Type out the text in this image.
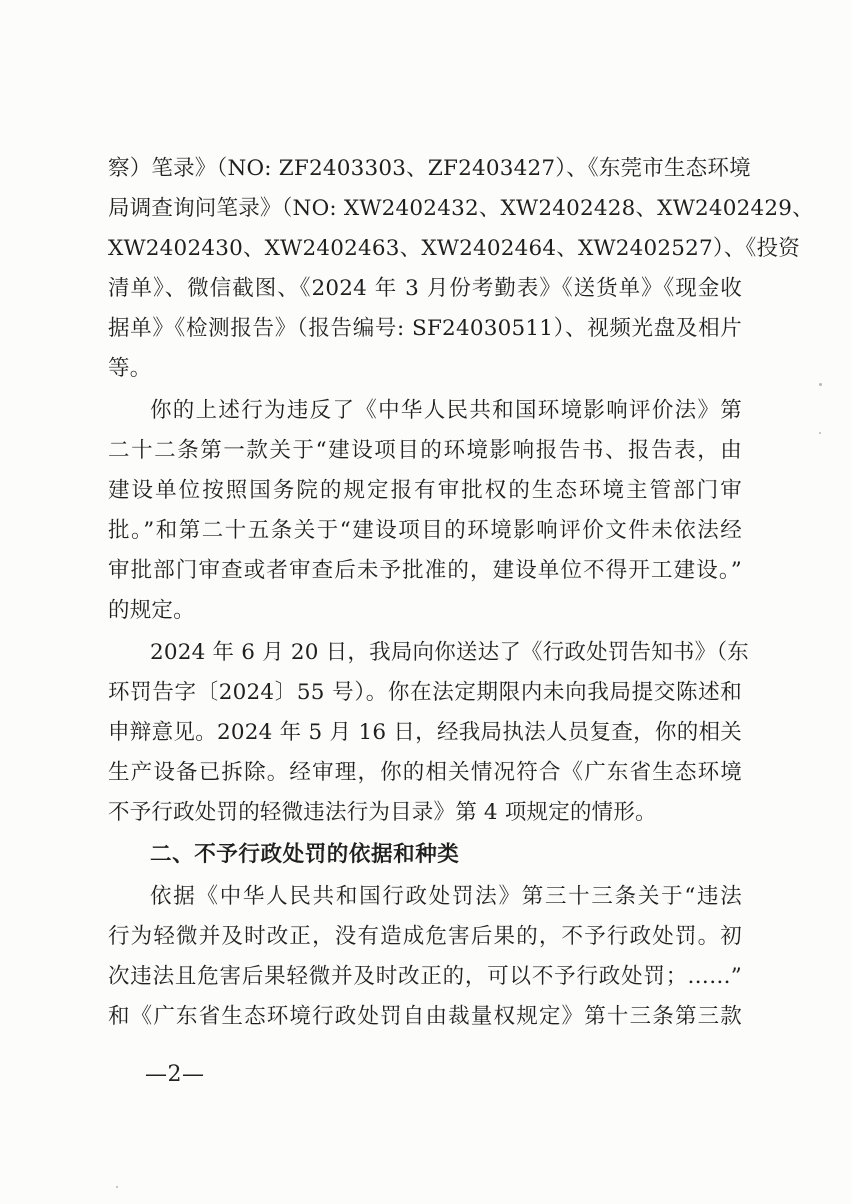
察）笔录》（NO: ZF2403303、ZF2403427）、《东莞市生态环境
局调查询问笔录》（NO: XW2402432、XW2402428、XW2402429、
XW2402430、XW2402463、XW2402464、XW2402527）、《投资
清单》、微信截图、《2024 年 3 月份考勤表》《送货单》《现金收
据单》《检测报告》（报告编号: SF24030511）、视频光盘及相片
等。
你的上述行为违反了《中华人民共和国环境影响评价法》第
二十二条第一款关于“建设项目的环境影响报告书、报告表，由
建设单位按照国务院的规定报有审批权的生态环境主管部门审
批。”和第二十五条关于“建设项目的环境影响评价文件未依法经
审批部门审查或者审查后未予批准的，建设单位不得开工建设。”
的规定。
2024 年 6 月 20 日，我局向你送达了《行政处罚告知书》（东
环罚告字〔2024〕55 号）。你在法定期限内未向我局提交陈述和
申辩意见。2024 年 5 月 16 日，经我局执法人员复查，你的相关
生产设备已拆除。经审理，你的相关情况符合《广东省生态环境
不予行政处罚的轻微违法行为目录》第 4 项规定的情形。
二、不予行政处罚的依据和种类
依据《中华人民共和国行政处罚法》第三十三条关于“违法
行为轻微并及时改正，没有造成危害后果的，不予行政处罚。初
次违法且危害后果轻微并及时改正的，可以不予行政处罚；……”
和《广东省生态环境行政处罚自由裁量权规定》第十三条第三款
—2—
